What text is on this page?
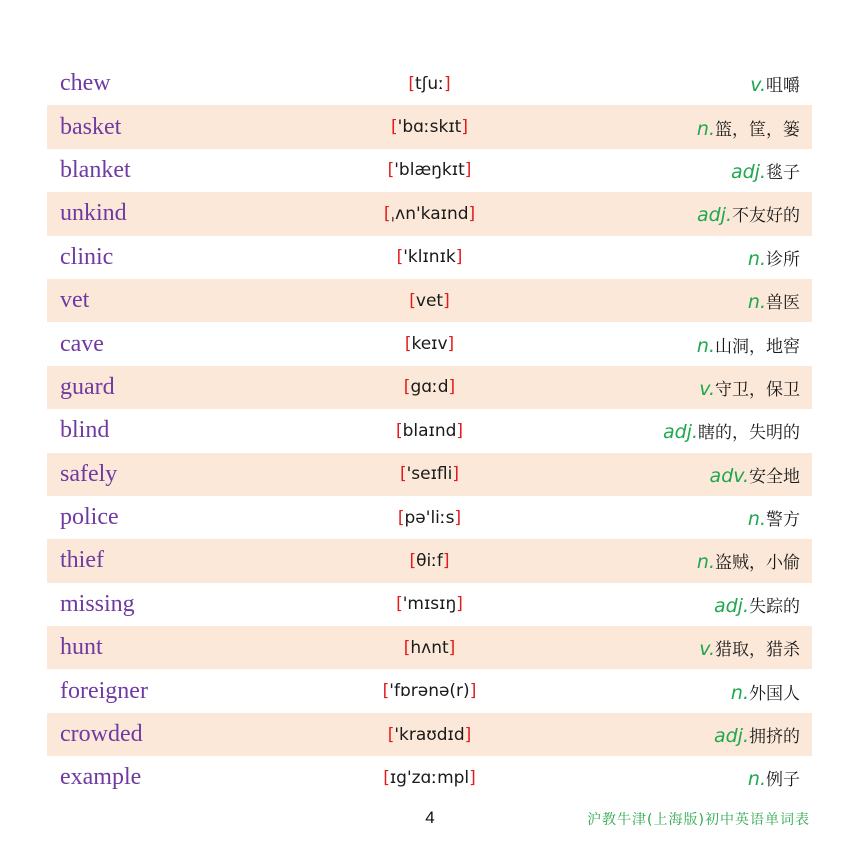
chew	[tʃuː]	v.咀嚼
basket	['bɑːskɪt]	n.篮，筐，篓
blanket	['blæŋkɪt]	adj.毯子
unkind	[ˌʌn'kaɪnd]	adj.不友好的
clinic	['klɪnɪk]	n.诊所
vet	[vet]	n.兽医
cave	[keɪv]	n.山洞，地窖
guard	[gɑːd]	v.守卫，保卫
blind	[blaɪnd]	adj.瞎的，失明的
safely	['seɪfli]	adv.安全地
police	[pə'liːs]	n.警方
thief	[θiːf]	n.盗贼，小偷
missing	['mɪsɪŋ]	adj.失踪的
hunt	[hʌnt]	v.猎取，猎杀
foreigner	['fɒrənə(r)]	n.外国人
crowded	['kraʊdɪd]	adj.拥挤的
example	[ɪg'zɑːmpl]	n.例子
4	沪教牛津(上海版)初中英语单词表
